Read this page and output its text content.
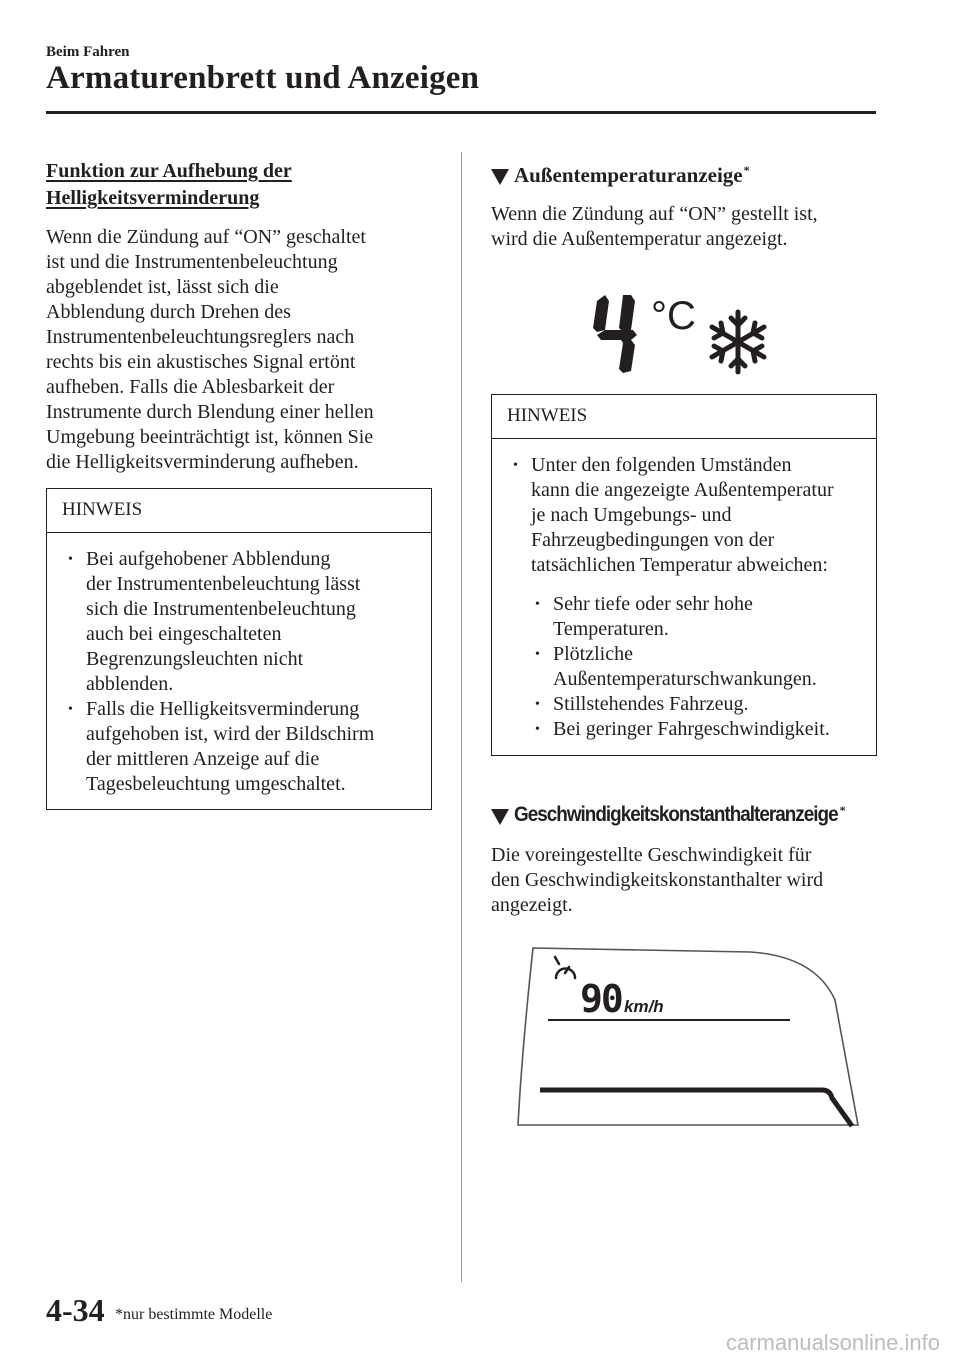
Beim Fahren
Armaturenbrett und Anzeigen
Funktion zur Aufhebung der
Helligkeitsverminderung
Wenn die Zündung auf “ON” geschaltet
ist und die Instrumentenbeleuchtung
abgeblendet ist, lässt sich die
Abblendung durch Drehen des
Instrumentenbeleuchtungsreglers nach
rechts bis ein akustisches Signal ertönt
aufheben. Falls die Ablesbarkeit der
Instrumente durch Blendung einer hellen
Umgebung beeinträchtigt ist, können Sie
die Helligkeitsverminderung aufheben.
HINWEIS
• Bei aufgehobener Abblendung
der Instrumentenbeleuchtung lässt
sich die Instrumentenbeleuchtung
auch bei eingeschalteten
Begrenzungsleuchten nicht
abblenden.
• Falls die Helligkeitsverminderung
aufgehoben ist, wird der Bildschirm
der mittleren Anzeige auf die
Tagesbeleuchtung umgeschaltet.
Außentemperaturanzeige*
Wenn die Zündung auf “ON” gestellt ist,
wird die Außentemperatur angezeigt.
°C
HINWEIS
• Unter den folgenden Umständen
kann die angezeigte Außentemperatur
je nach Umgebungs- und
Fahrzeugbedingungen von der
tatsächlichen Temperatur abweichen:
• Sehr tiefe oder sehr hohe
Temperaturen.
• Plötzliche
Außentemperaturschwankungen.
• Stillstehendes Fahrzeug.
• Bei geringer Fahrgeschwindigkeit.
Geschwindigkeitskonstanthalteranzeige*
Die voreingestellte Geschwindigkeit für
den Geschwindigkeitskonstanthalter wird
angezeigt.
90 km/h
4-34 *nur bestimmte Modelle
carmanualsonline.info
